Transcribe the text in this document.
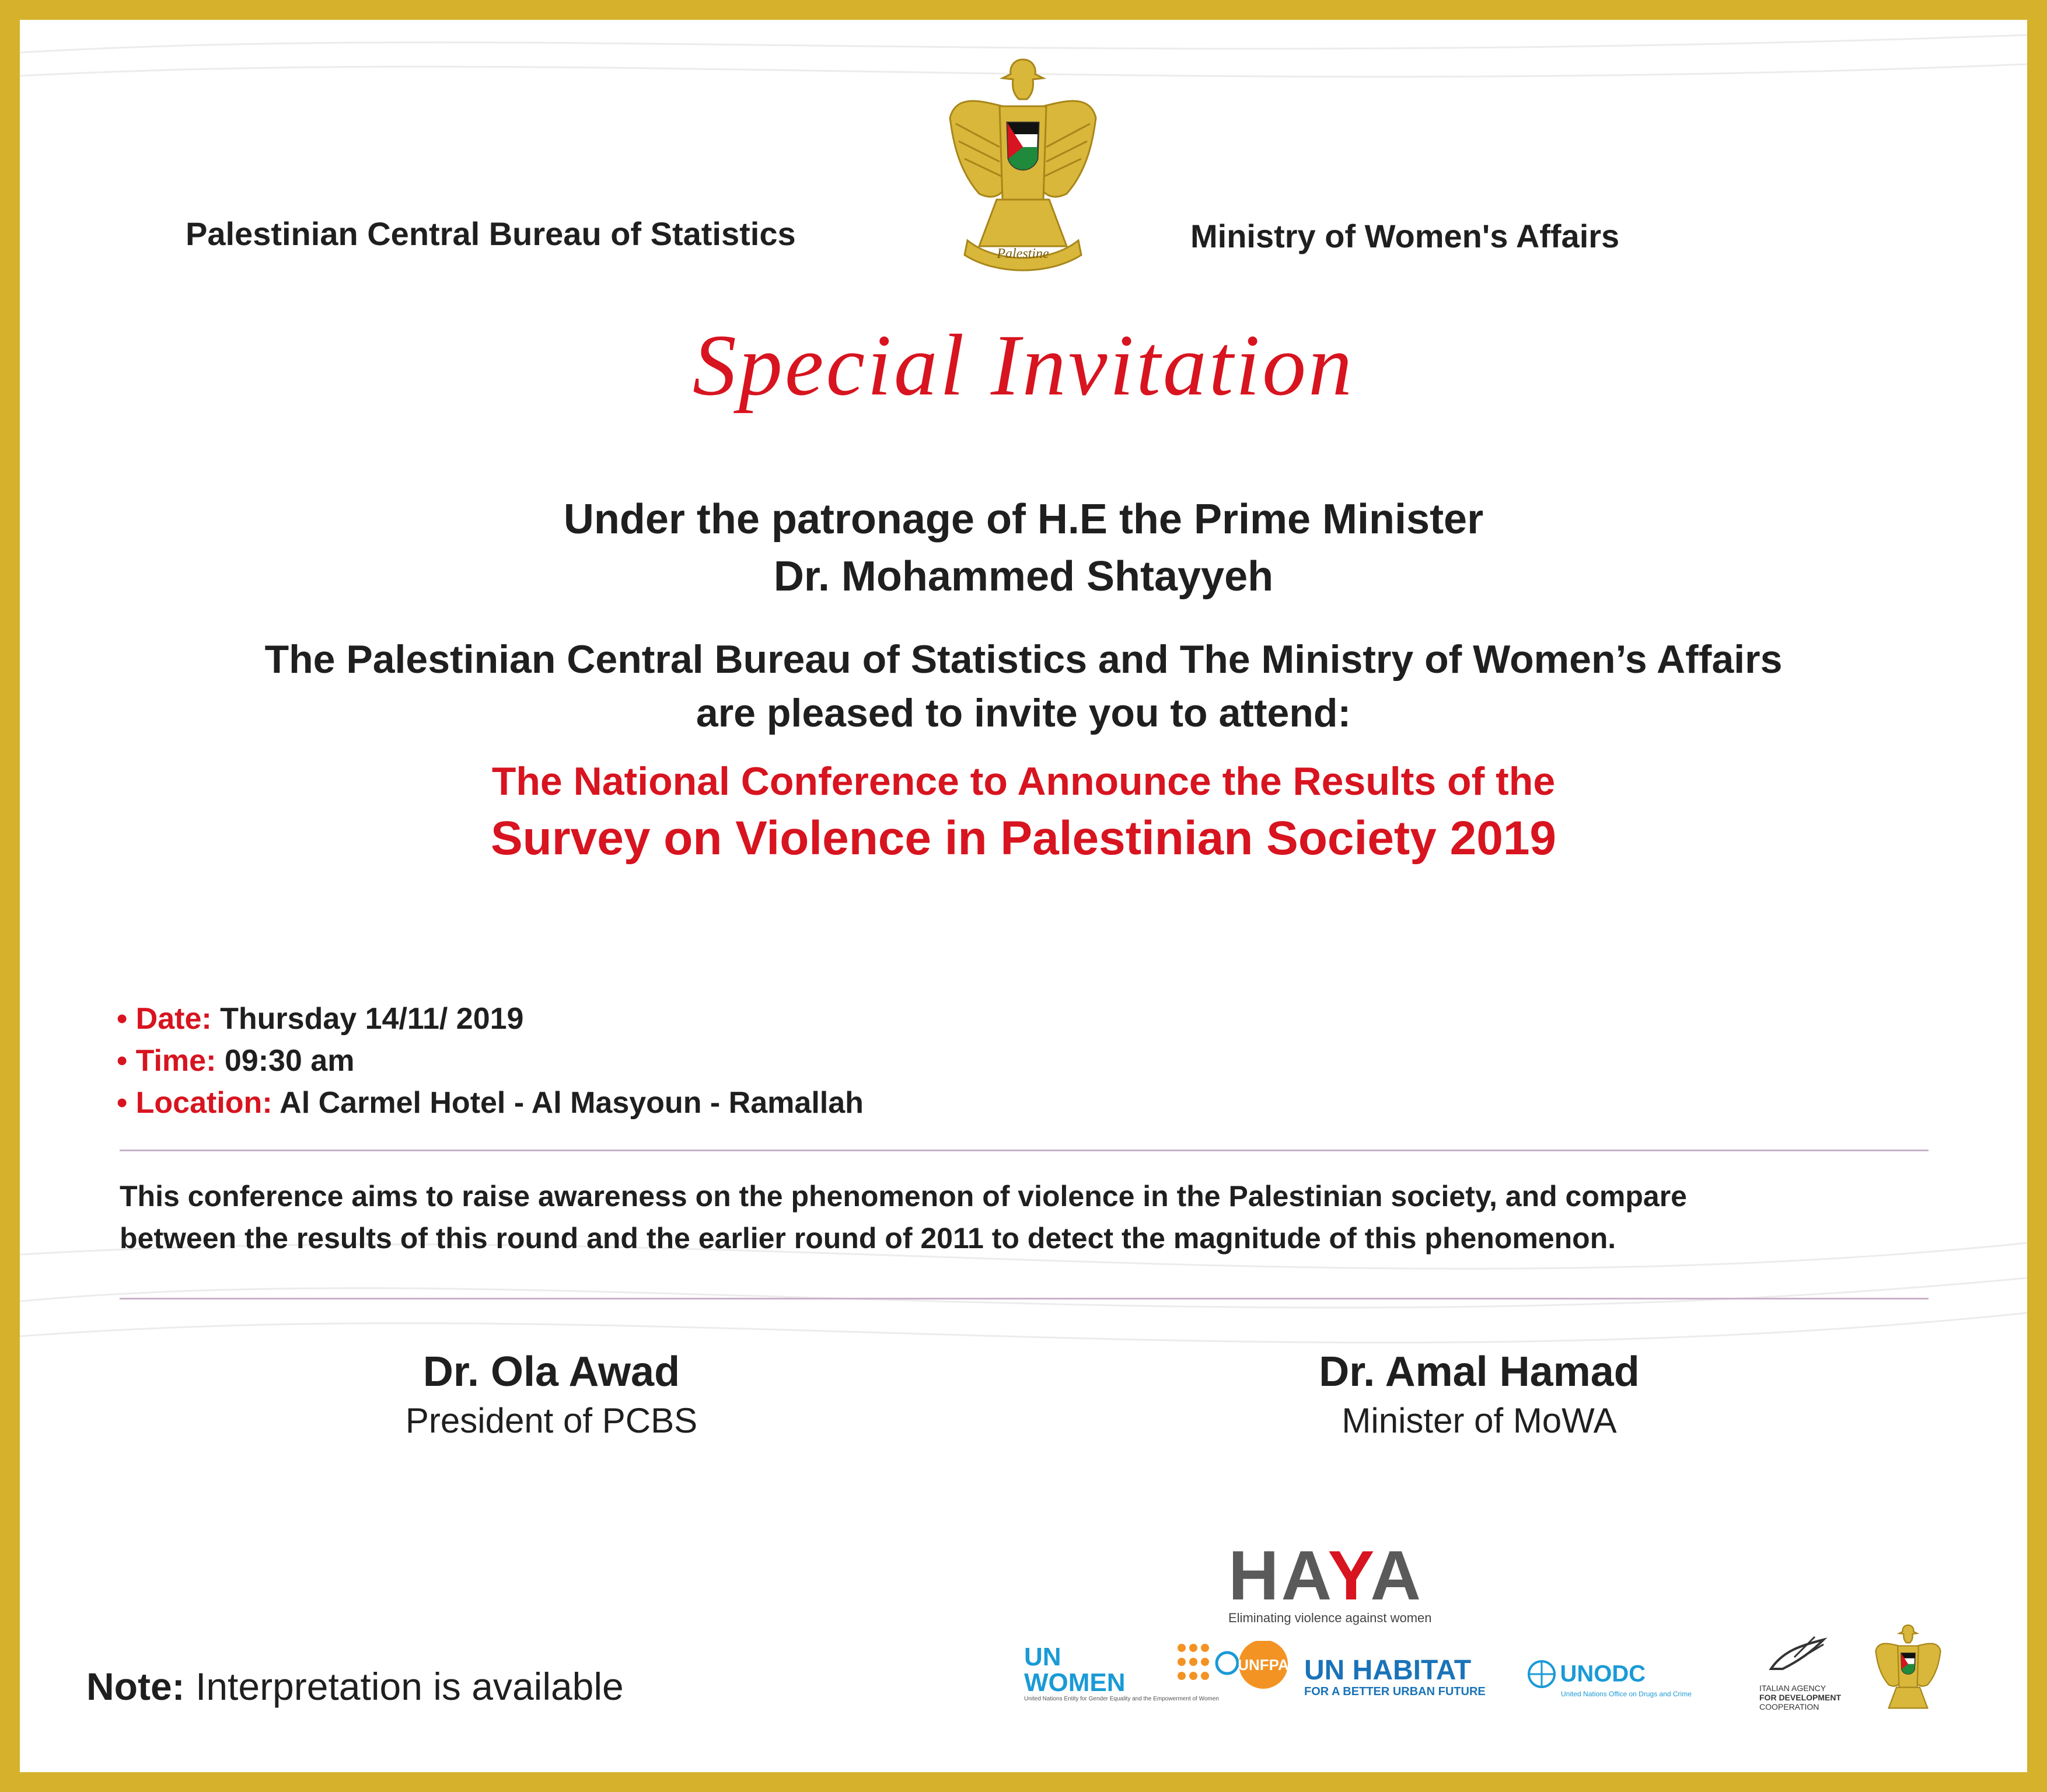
Palestinian Central Bureau of Statistics	Ministry of Women's Affairs
Palestine
Special Invitation
Under the patronage of H.E the Prime Minister
Dr. Mohammed Shtayyeh
The Palestinian Central Bureau of Statistics and The Ministry of Women’s Affairs
are pleased to invite you to attend:
The National Conference to Announce the Results of the
Survey on Violence in Palestinian Society 2019
• Date: Thursday 14/11/ 2019
• Time: 09:30 am
• Location: Al Carmel Hotel - Al Masyoun - Ramallah
This conference aims to raise awareness on the phenomenon of violence in the Palestinian society, and compare
between the results of this round and the earlier round of 2011 to detect the magnitude of this phenomenon.
Dr. Ola Awad
President of PCBS
Dr. Amal Hamad
Minister of MoWA
Note: Interpretation is available
HAYA
Eliminating violence against women
UN
WOMEN
United Nations Entity for Gender Equality and the Empowerment of Women
UNFPA UN HABITAT
FOR A BETTER URBAN FUTURE
UNODC
United Nations Office on Drugs and Crime
ITALIAN AGENCY
FOR DEVELOPMENT
COOPERATION
